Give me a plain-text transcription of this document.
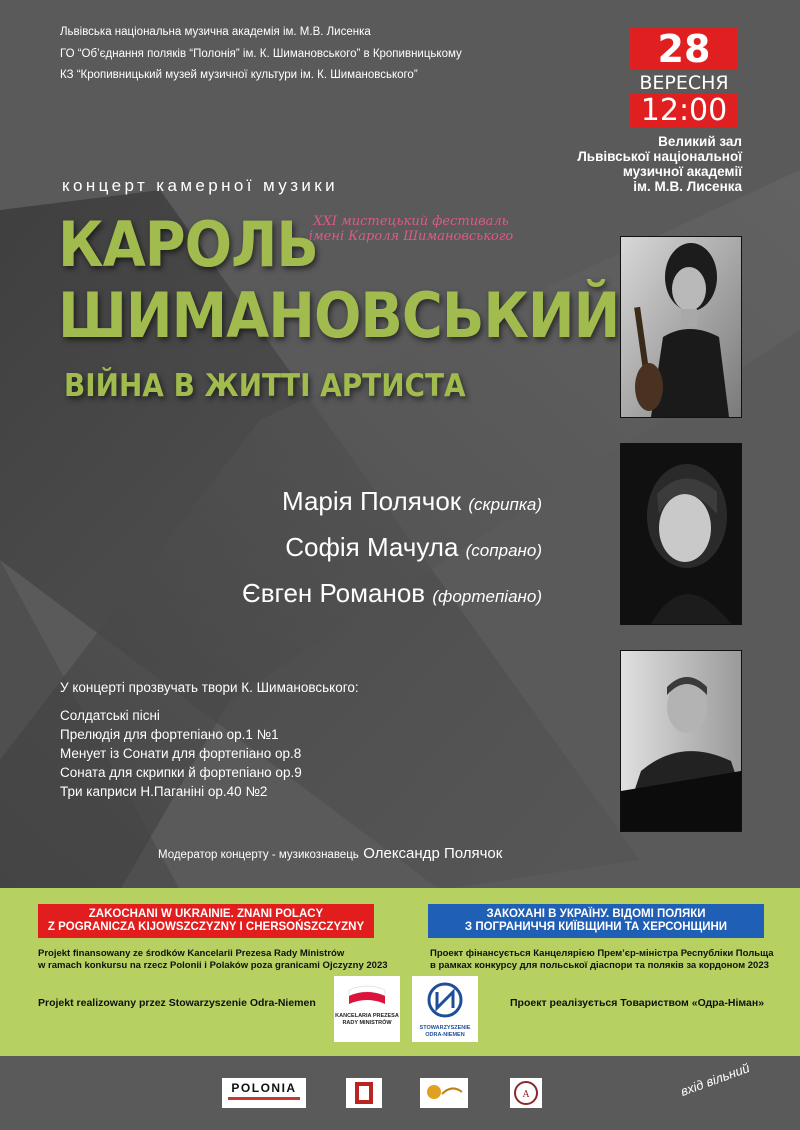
Львівська національна музична академія ім. М.В. Лисенка
ГО “Об’єднання поляків “Полонія” ім. К. Шимановського” в Кропивницькому
КЗ “Кропивницький музей музичної культури ім. К. Шимановського”
28
ВЕРЕСНЯ
12:00
Великий зал
Львівської національної
музичної академії
ім. М.В. Лисенка
концерт камерної музики
XXI мистецький фестиваль
імені Кароля Шимановського
КАРОЛЬ
ШИМАНОВСЬКИЙ
ВІЙНА В ЖИТТІ АРТИСТА
Марія Полячок (скрипка)
Софія Мачула (сопрано)
Євген Романов (фортепіано)
У концерті прозвучать твори К. Шимановського:
Солдатські пісні
Прелюдія для фортепіано ор.1 №1
Менует із Сонати для фортепіано ор.8
Соната для скрипки й фортепіано ор.9
Три каприси Н.Паганіні ор.40 №2
Модератор концерту - музикознавець Олександр Полячок
ZAKOCHANI W UKRAINIE. ZNANI POLACY
Z POGRANICZA KIJOWSZCZYZNY I CHERSOŃSZCZYZNY
ЗАКОХАНІ В УКРАЇНУ. ВІДОМІ ПОЛЯКИ
З ПОГРАНИЧЧЯ КИЇВЩИНИ ТА ХЕРСОНЩИНИ
Projekt finansowany ze środków Kancelarii Prezesa Rady Ministrów
w ramach konkursu na rzecz Polonii i Polaków poza granicami Ojczyzny 2023
Проект фінансується Канцелярією Прем’єр-міністра Республіки Польща
в рамках конкурсу для польської діаспори та поляків за кордоном 2023
Projekt realizowany przez Stowarzyszenie Odra-Niemen	Проект реалізується Товариством «Одра-Німан»
KANCELARIA PREZESA
RADY MINISTRÓW
STOWARZYSZENIE
ODRA-NIEMEN
POLONIA	A	вхід вільний
